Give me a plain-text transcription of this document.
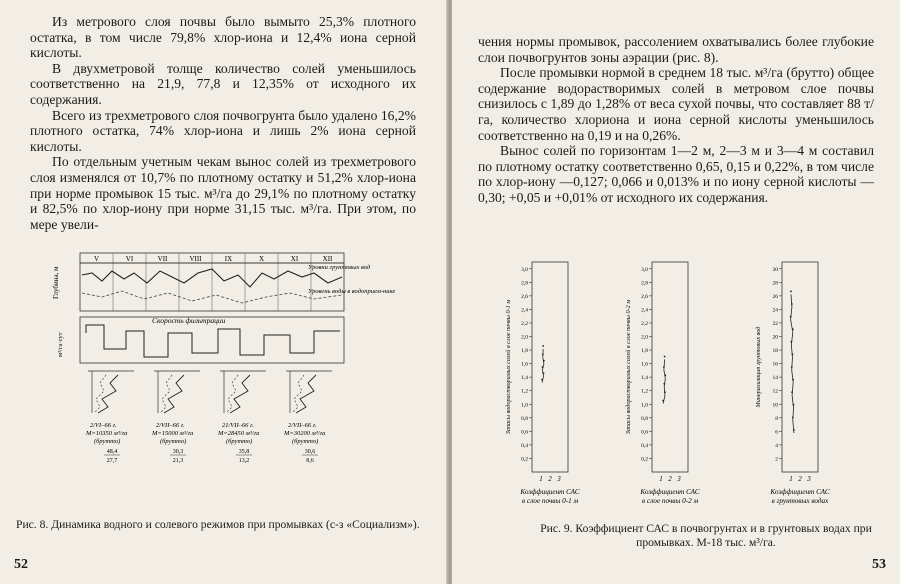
Из метрового слоя почвы было вымыто 25,3% плотного остатка, в том числе 79,8% хлор-иона и 12,4% иона серной кислоты.

В двухметровой толще количество солей уменьшилось соответственно на 21,9, 77,8 и 12,35% от исходного их содержания.

Всего из трехметрового слоя почвогрунта было удалено 16,2% плотного остатка, 74% хлор-иона и лишь 2% иона серной кислоты.

По отдельным учетным чекам вынос солей из трехметрового слоя изменялся от 10,7% по плотному остатку и 51,2% хлор-иона при норме промывок 15 тыс. м³/га до 29,1% по плотному остатку и 82,5% по хлор-иону при норме 31,15 тыс. м³/га. При этом, по мере увели-

V	VI	VII	VIII	IX	X	XI	XII
Глубина, м	Уровни грунтовых вод
Уровень воды в водоприем-нике
Скорость фильтрации
м³/га·сут
2/VI–66 г.
M=10350 м³/га
(брутто)
48,4
27,7
2/VII–66 г.
M=15000 м³/га
(брутто)
30,3
21,3
21/VII–66 г.
M=28450 м³/га
(брутто)
35,8
13,2
2/VII–66 г.
M=30200 м³/га
(брутто)
30,6
8,6
Рис. 8. Динамика водного и солевого режимов при промывках (с-з «Социализм»).
52

чения нормы промывок, рассолением охватывались более глубокие слои почвогрунтов зоны аэрации (рис. 8).

После промывки нормой в среднем 18 тыс. м³/га (брутто) общее содержание водорастворимых солей в метровом слое почвы снизилось с 1,89 до 1,28% от веса сухой почвы, что составляет 88 т/га, количество хлориона и иона серной кислоты уменьшилось соответственно на 0,19 и на 0,26%.

Вынос солей по горизонтам 1—2 м, 2—3 м и 3—4 м составил по плотному остатку соответственно 0,65, 0,15 и 0,22%, в том числе по хлор-иону —0,127; 0,066 и 0,013% и по иону серной кислоты —0,30; +0,05 и +0,01% от исходного их содержания.

0,2
0,4
0,6
0,8
1,0
1,2
1,4
1,6
1,8
2,0
2,2
2,4
2,6
2,8
3,0
1 2 3
Запасы водорастворимых солей в слое почвы 0-1 м
Коэффициент САС
в слое почвы 0-1 м
0,2
0,4
0,6
0,8
1,0
1,2
1,4
1,6
1,8
2,0
2,2
2,4
2,6
2,8
3,0
1 2 3
Запасы водорастворимых солей в слое почвы 0-2 м
Коэффициент САС
в слое почвы 0-2 м
2
4
6
8
10
12
14
16
18
20
22
24
26
28
30
1 2 3
Минерализация грунтовых вод
Коэффициент САС
в грунтовых водах
Рис. 9. Коэффициент САС в почвогрунтах и в грунтовых водах при промывках. M-18 тыс. м³/га.
53
